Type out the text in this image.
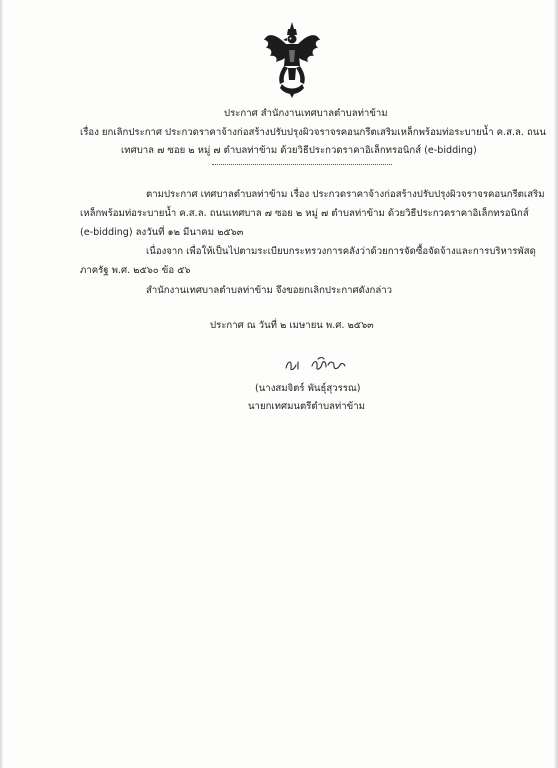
ประกาศ สำนักงานเทศบาลตำบลท่าข้าม
เรื่อง ยกเลิกประกาศ ประกวดราคาจ้างก่อสร้างปรับปรุงผิวจราจรคอนกรีตเสริมเหล็กพร้อมท่อระบายน้ำ ค.ส.ล. ถนน
เทศบาล ๗ ซอย ๒ หมู่ ๗ ตำบลท่าข้าม ด้วยวิธีประกวดราคาอิเล็กทรอนิกส์ (e-bidding)
ตามประกาศ เทศบาลตำบลท่าข้าม เรื่อง ประกวดราคาจ้างก่อสร้างปรับปรุงผิวจราจรคอนกรีตเสริม
เหล็กพร้อมท่อระบายน้ำ ค.ส.ล. ถนนเทศบาล ๗ ซอย ๒ หมู่ ๗ ตำบลท่าข้าม ด้วยวิธีประกวดราคาอิเล็กทรอนิกส์
(e-bidding) ลงวันที่ ๑๒ มีนาคม ๒๕๖๓
เนื่องจาก เพื่อให้เป็นไปตามระเบียบกระทรวงการคลังว่าด้วยการจัดซื้อจัดจ้างและการบริหารพัสดุ
ภาครัฐ พ.ศ. ๒๕๖๐ ข้อ ๕๖
สำนักงานเทศบาลตำบลท่าข้าม จึงขอยกเลิกประกาศดังกล่าว
ประกาศ ณ วันที่ ๒ เมษายน พ.ศ. ๒๕๖๓
(นางสมจิตร์ พันธุ์สุวรรณ)
นายกเทศมนตรีตำบลท่าข้าม
